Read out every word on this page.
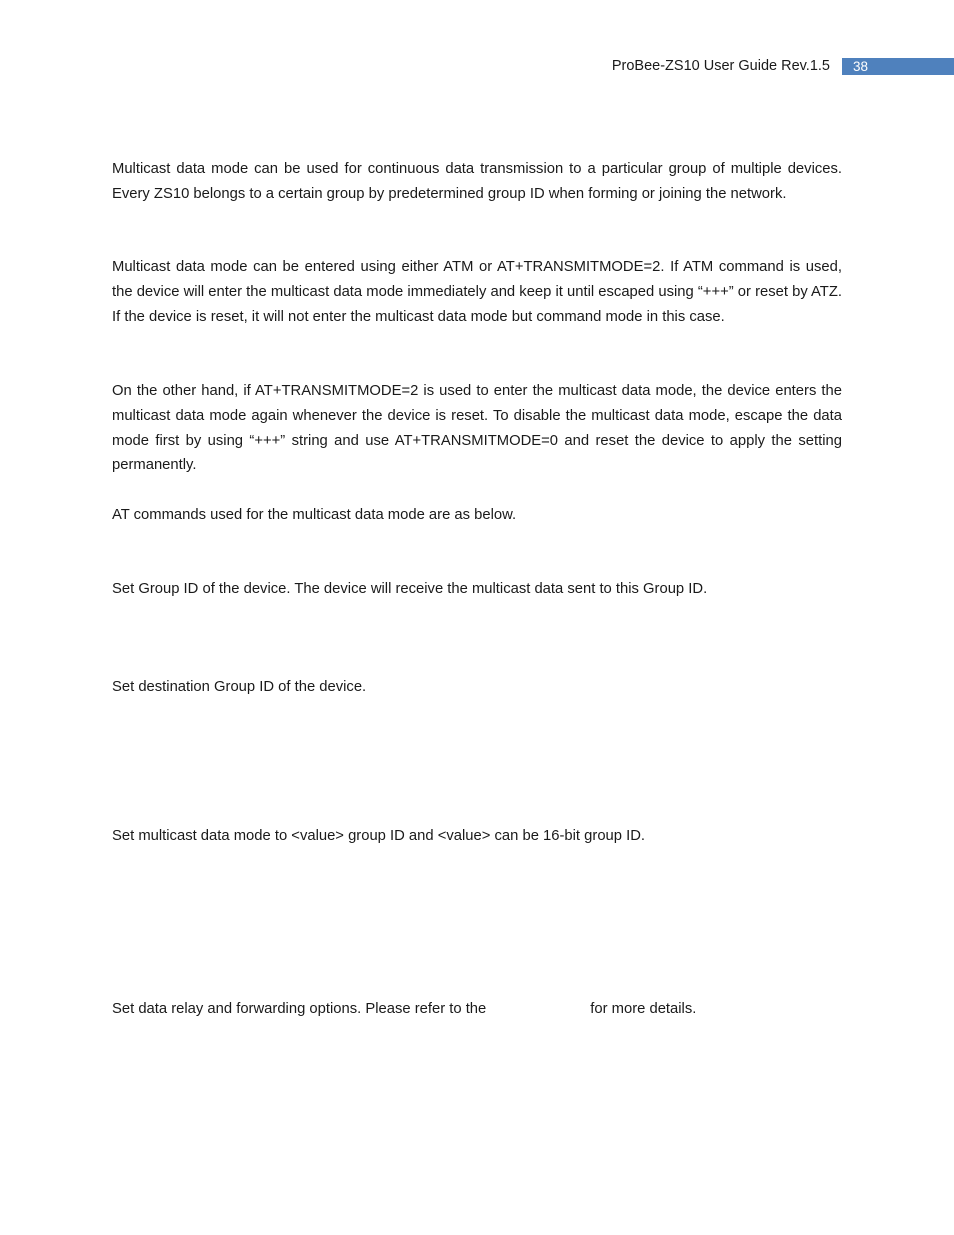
ProBee-ZS10 User Guide Rev.1.5	38

Multicast data mode can be used for continuous data transmission to a particular group of multiple devices. Every ZS10 belongs to a certain group by predetermined group ID when forming or joining the network.

Multicast data mode can be entered using either ATM or AT+TRANSMITMODE=2. If ATM command is used, the device will enter the multicast data mode immediately and keep it until escaped using “+++” or reset by ATZ. If the device is reset, it will not enter the multicast data mode but command mode in this case.

On the other hand, if AT+TRANSMITMODE=2 is used to enter the multicast data mode, the device enters the multicast data mode again whenever the device is reset. To disable the multicast data mode, escape the data mode first by using “+++” string and use AT+TRANSMITMODE=0 and reset the device to apply the setting permanently.

AT commands used for the multicast data mode are as below.

Set Group ID of the device. The device will receive the multicast data sent to this Group ID.

Set destination Group ID of the device.

Set multicast data mode to <value> group ID and <value> can be 16-bit group ID.

Set data relay and forwarding options. Please refer to the	for more details.
